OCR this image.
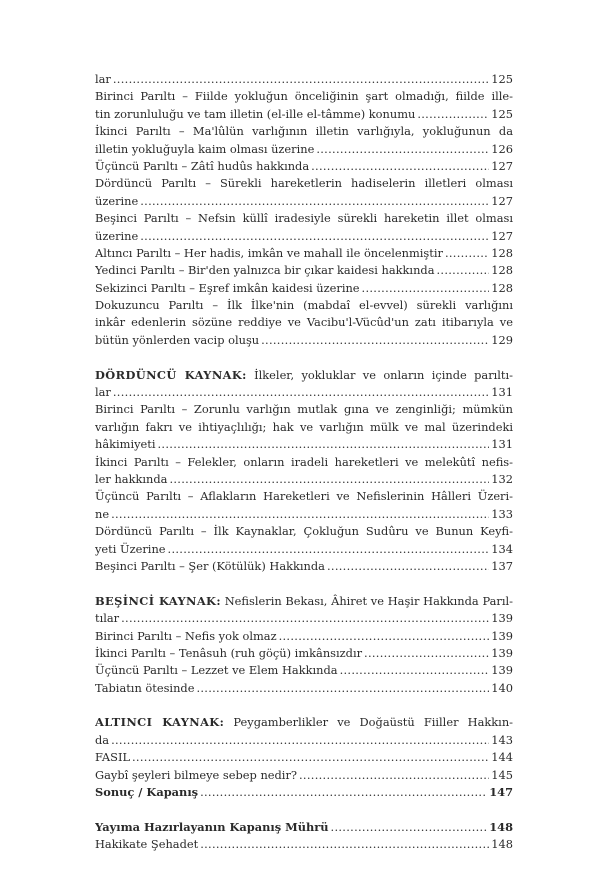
lar .....	125
Birinci Parıltı – Fiilde yokluğun önceliğinin şart olmadığı, fiilde ille-
tin zorunluluğu ve tam illetin (el-ille el-tâmme) konumu .....	125
İkinci Parıltı – Ma'lûlün varlığının illetin varlığıyla, yokluğunun da
illetin yokluğuyla kaim olması üzerine .....	126
Üçüncü Parıltı – Zâtî hudûs hakkında .....	127
Dördüncü Parıltı – Sürekli hareketlerin hadiselerin illetleri olması
üzerine .....	127
Beşinci Parıltı – Nefsin küllî iradesiyle sürekli hareketin illet olması
üzerine .....	127
Altıncı Parıltı – Her hadis, imkân ve mahall ile öncelenmiştir .....	128
Yedinci Parıltı – Bir'den yalnızca bir çıkar kaidesi hakkında .....	128
Sekizinci Parıltı – Eşref imkân kaidesi üzerine .....	128
Dokuzuncu Parıltı – İlk İlke'nin (mabdaî el-evvel) sürekli varlığını
inkâr edenlerin sözüne reddiye ve Vacibu'l-Vücûd'un zatı itibarıyla ve
bütün yönlerden vacip oluşu .....	129
DÖRDÜNCÜ KAYNAK: İlkeler, yokluklar ve onların içinde parıltı-
lar .....	131
Birinci Parıltı – Zorunlu varlığın mutlak gına ve zenginliği; mümkün
varlığın fakrı ve ihtiyaçlılığı; hak ve varlığın mülk ve mal üzerindeki
hâkimiyeti .....	131
İkinci Parıltı – Felekler, onların iradeli hareketleri ve melekûtî nefis-
ler hakkında .....	132
Üçüncü Parıltı – Aflakların Hareketleri ve Nefislerinin Hâlleri Üzeri-
ne .....	133
Dördüncü Parıltı – İlk Kaynaklar, Çokluğun Sudûru ve Bunun Keyfi-
yeti Üzerine .....	134
Beşinci Parıltı – Şer (Kötülük) Hakkında .....	137
BEŞİNCİ KAYNAK: Nefislerin Bekası, Âhiret ve Haşir Hakkında Parıl-
tılar .....	139
Birinci Parıltı – Nefis yok olmaz .....	139
İkinci Parıltı – Tenâsuh (ruh göçü) imkânsızdır .....	139
Üçüncü Parıltı – Lezzet ve Elem Hakkında .....	139
Tabiatın ötesinde .....	140
ALTINCI KAYNAK: Peygamberlikler ve Doğaüstü Fiiller Hakkın-
da .....	143
FASIL .....	144
Gaybî şeyleri bilmeye sebep nedir? .....	145
Sonuç / Kapanış .....	147
Yayıma Hazırlayanın Kapanış Mührü .....	148
Hakikate Şehadet .....	148
